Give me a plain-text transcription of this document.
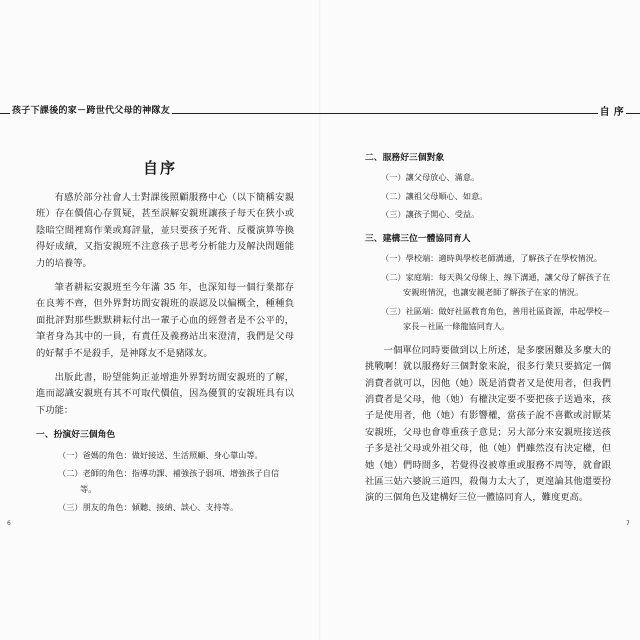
孩子下課後的家－跨世代父母的神隊友	自 序
自序

有感於部分社會人士對課後照顧服務中心（以下簡稱安親班）存在價值心存質疑，甚至誤解安親班讓孩子每天在狹小或陰暗空間裡寫作業或寫評量，並只要孩子死背、反覆演算等換得好成績，又指安親班不注意孩子思考分析能力及解決問題能力的培養等。

筆者耕耘安親班至今年滿 35 年，也深知每一個行業都存在良莠不齊，但外界對坊間安親班的誤認及以偏概全，種種負面批評對那些默默耕耘付出一輩子心血的經營者是不公平的，筆者身為其中的一員，有責任及義務站出來澄清，我們是父母的好幫手不是殺手，是神隊友不是豬隊友。

出版此書，盼望能夠正並增進外界對坊間安親班的了解，進而認識安親班有其不可取代價值，因為優質的安親班具有以下功能：

一、扮演好三個角色
（一）爸媽的角色：做好接送、生活照顧、身心靠山等。
（二）老師的角色：指導功課、補強孩子弱項、增強孩子自信等。
（三）朋友的角色：傾聽、接納、談心、支持等。
二、服務好三個對象
（一）讓父母放心、滿意。
（二）讓祖父母順心、如意。
（三）讓孩子開心、受益。
三、建構三位一體協同育人
（一）學校端：適時與學校老師溝通，了解孩子在學校情況。
（二）家庭端：每天與父母線上、線下溝通，讓父母了解孩子在安親班情況，也讓安親老師了解孩子在家的情況。
（三）社區端：做好社區教育角色，善用社區資源，串起學校－家長－社區一條龍協同育人。

一個單位同時要做到以上所述，是多麼困難及多麼大的挑戰啊！就以服務好三個對象來說，很多行業只要搞定一個消費者就可以，因他（她）既是消費者又是使用者，但我們消費者是父母，他（她）有權決定要不要把孩子送過來，孩子是使用者，他（她）有影響權，當孩子說不喜歡或討厭某安親班，父母也會尊重孩子意見；另大部分來安親班接送孩子多是社父母或外祖父母，他（她）們雖然沒有決定權，但她（她）們時間多，若覺得沒被尊重或服務不周等，就會跟社區三姑六婆說三道四，殺傷力太大了，更遑論其他還要扮演的三個角色及建構好三位一體協同育人，難度更高。

6	7
